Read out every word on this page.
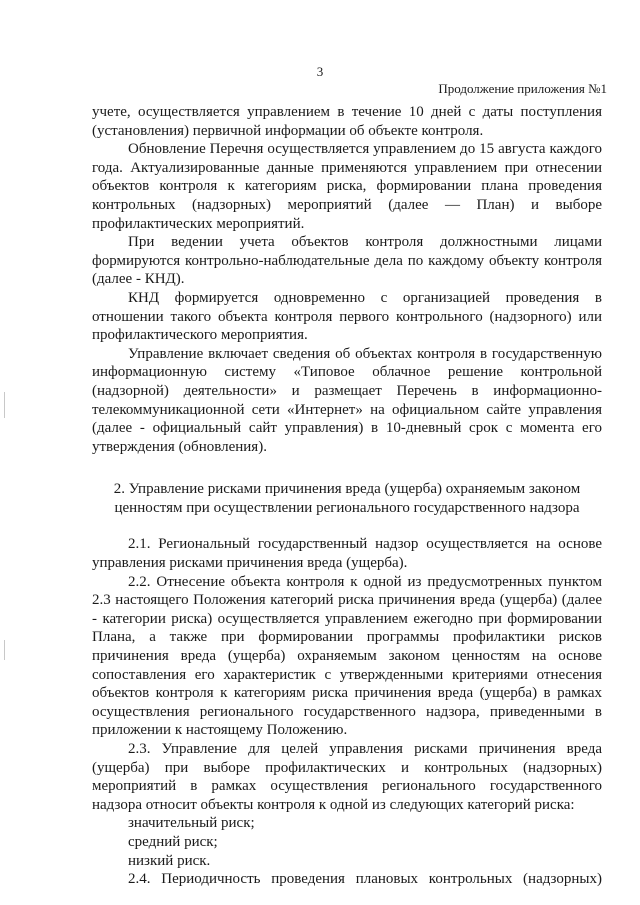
3
Продолжение приложения №1

учете, осуществляется управлением в течение 10 дней с даты поступления (установления) первичной информации об объекте контроля.

Обновление Перечня осуществляется управлением до 15 августа каждого года. Актуализированные данные применяются управлением при отнесении объектов контроля к категориям риска, формировании плана проведения контрольных (надзорных) мероприятий (далее — План) и выборе профилактических мероприятий.

При ведении учета объектов контроля должностными лицами формируются контрольно-наблюдательные дела по каждому объекту контроля (далее - КНД).

КНД формируется одновременно с организацией проведения в отношении такого объекта контроля первого контрольного (надзорного) или профилактического мероприятия.

Управление включает сведения об объектах контроля в государственную информационную систему «Типовое облачное решение контрольной (надзорной) деятельности» и размещает Перечень в информационно-телекоммуникационной сети «Интернет» на официальном сайте управления (далее - официальный сайт управления) в 10-дневный срок с момента его утверждения (обновления).

2. Управление рисками причинения вреда (ущерба) охраняемым законом ценностям при осуществлении регионального государственного надзора

2.1. Региональный государственный надзор осуществляется на основе управления рисками причинения вреда (ущерба).

2.2. Отнесение объекта контроля к одной из предусмотренных пунктом 2.3 настоящего Положения категорий риска причинения вреда (ущерба) (далее - категории риска) осуществляется управлением ежегодно при формировании Плана, а также при формировании программы профилактики рисков причинения вреда (ущерба) охраняемым законом ценностям на основе сопоставления его характеристик с утвержденными критериями отнесения объектов контроля к категориям риска причинения вреда (ущерба) в рамках осуществления регионального государственного надзора, приведенными в приложении к настоящему Положению.

2.3. Управление для целей управления рисками причинения вреда (ущерба) при выборе профилактических и контрольных (надзорных) мероприятий в рамках осуществления регионального государственного надзора относит объекты контроля к одной из следующих категорий риска:

значительный риск;

средний риск;

низкий риск.

2.4. Периодичность проведения плановых контрольных (надзорных)
